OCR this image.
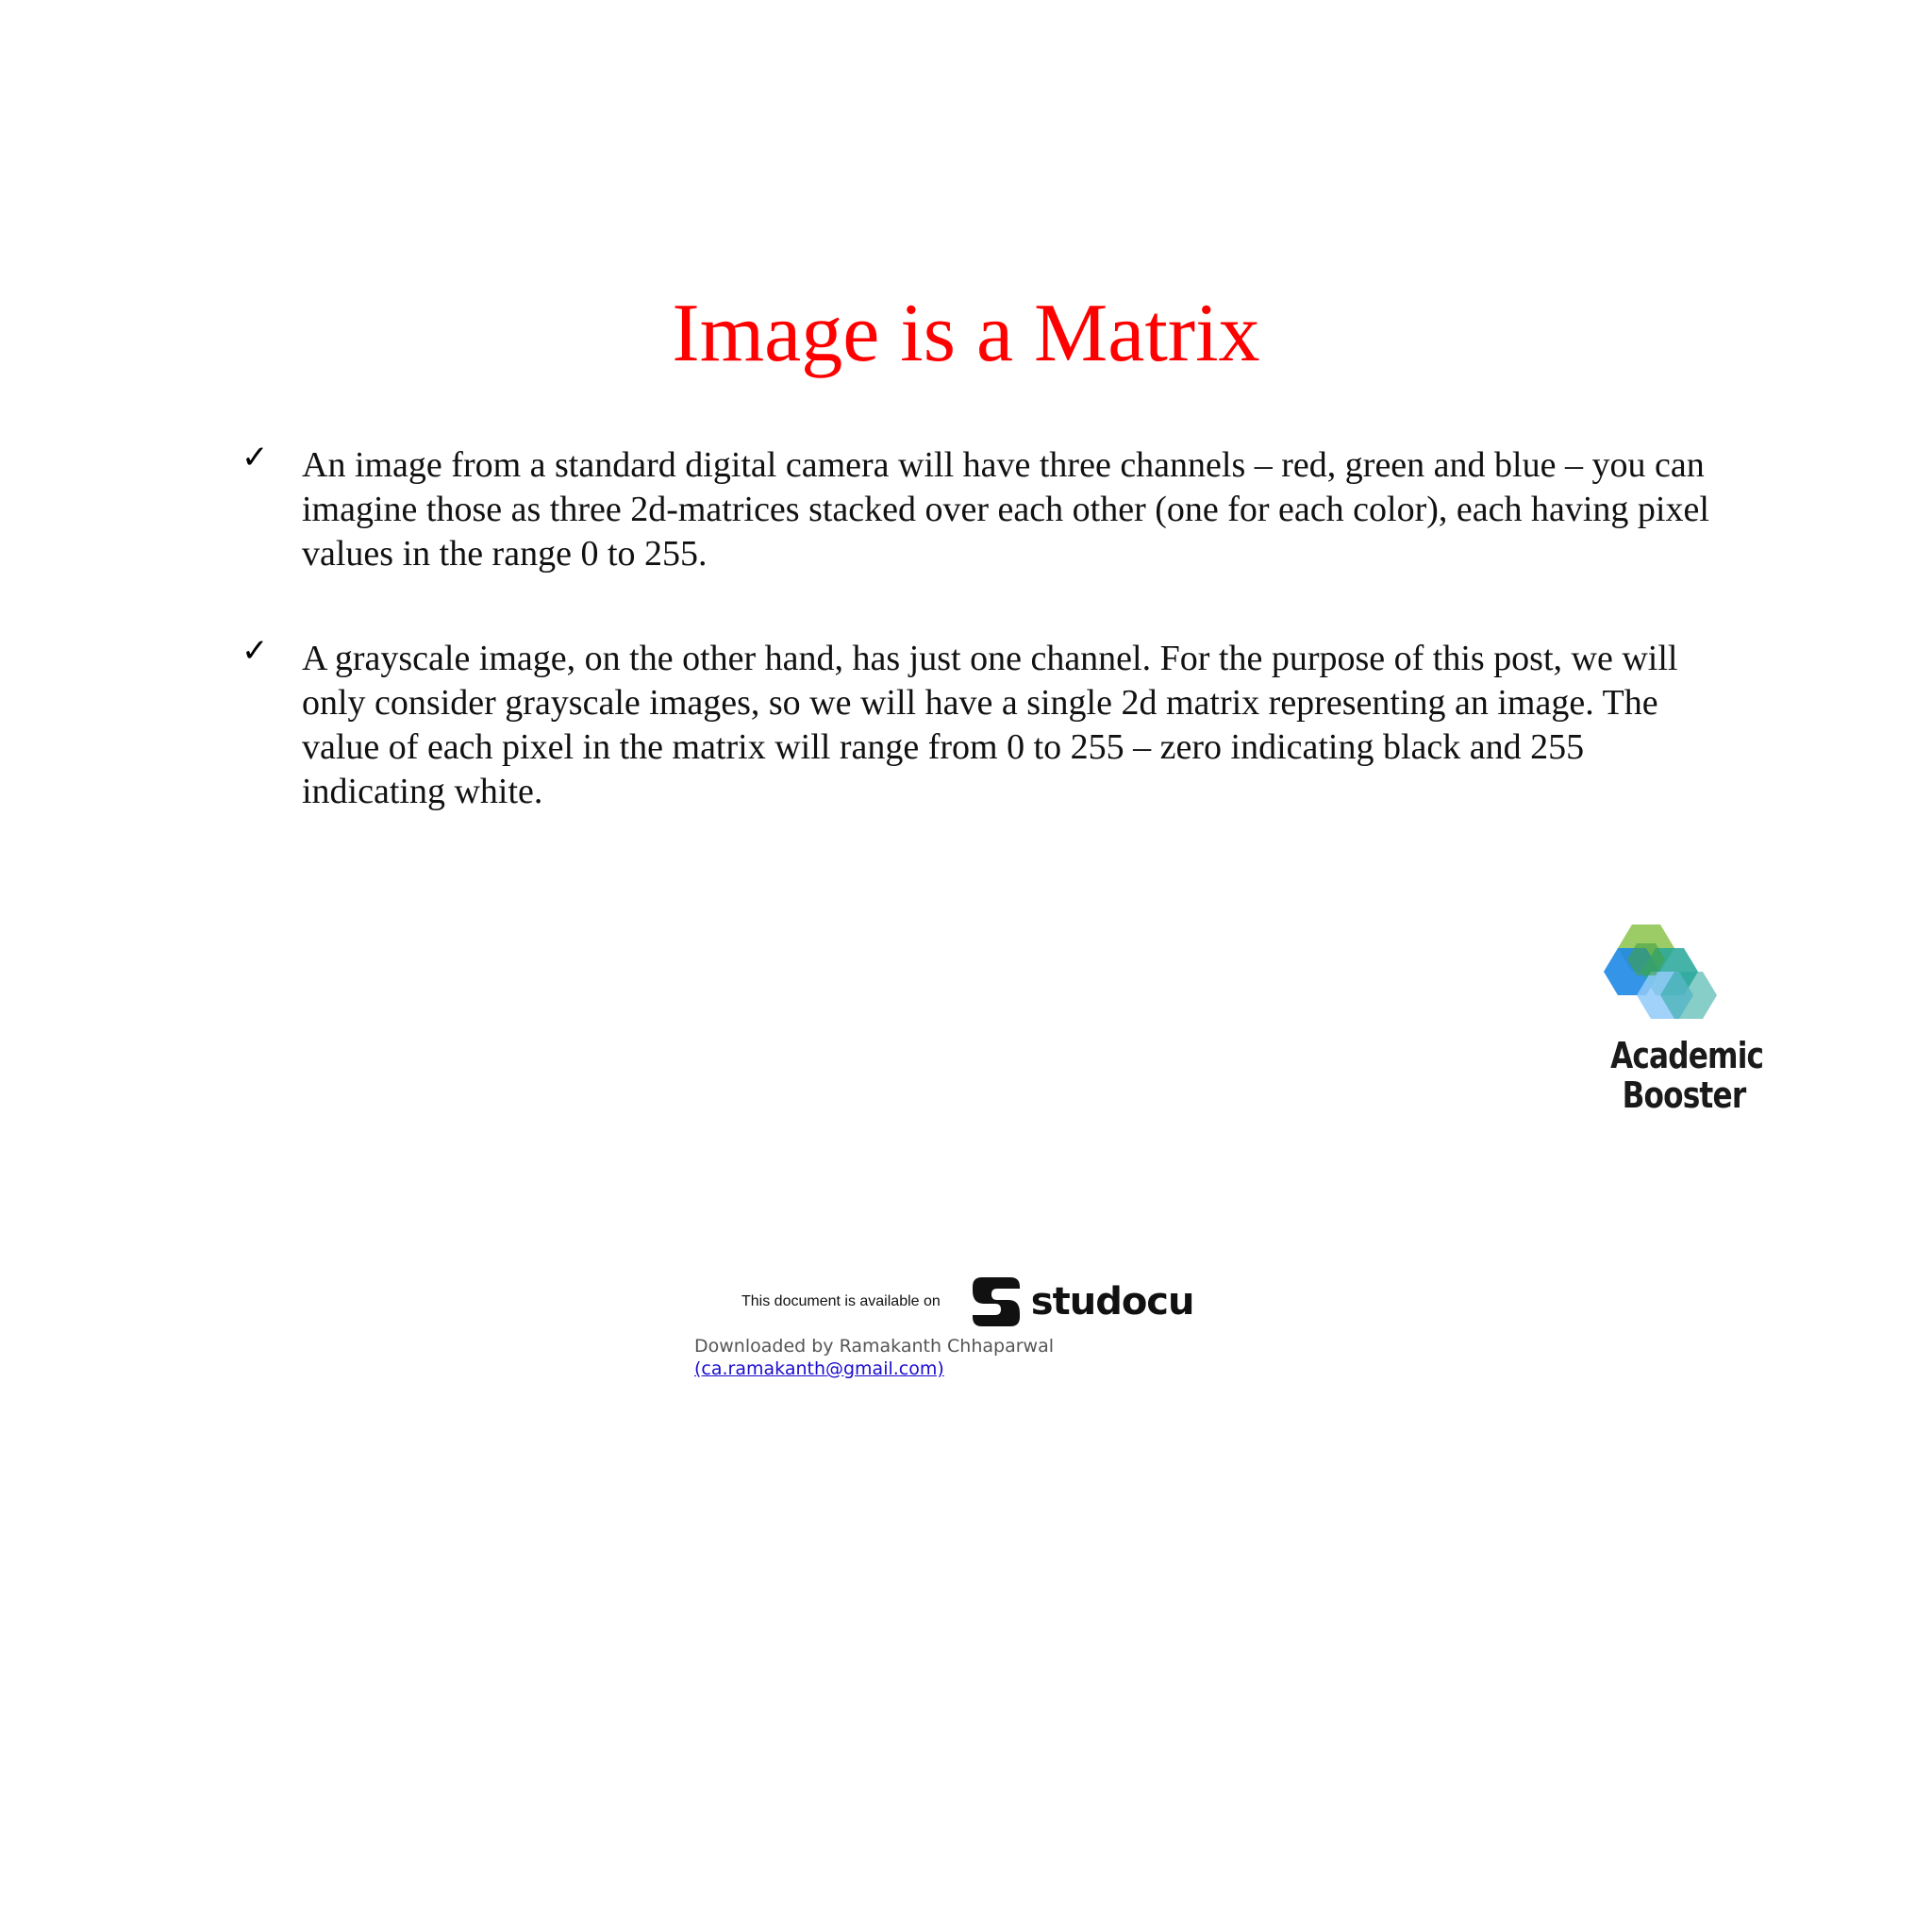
Image is a Matrix
✓ An image from a standard digital camera will have three channels – red, green and blue – you can imagine those as three 2d-matrices stacked over each other (one for each color), each having pixel values in the range 0 to 255.
✓ A grayscale image, on the other hand, has just one channel. For the purpose of this post, we will only consider grayscale images, so we will have a single 2d matrix representing an image. The value of each pixel in the matrix will range from 0 to 255 – zero indicating black and 255 indicating white.
Academic
Booster
This document is available on studocu
Downloaded by Ramakanth Chhaparwal
(ca.ramakanth@gmail.com)
